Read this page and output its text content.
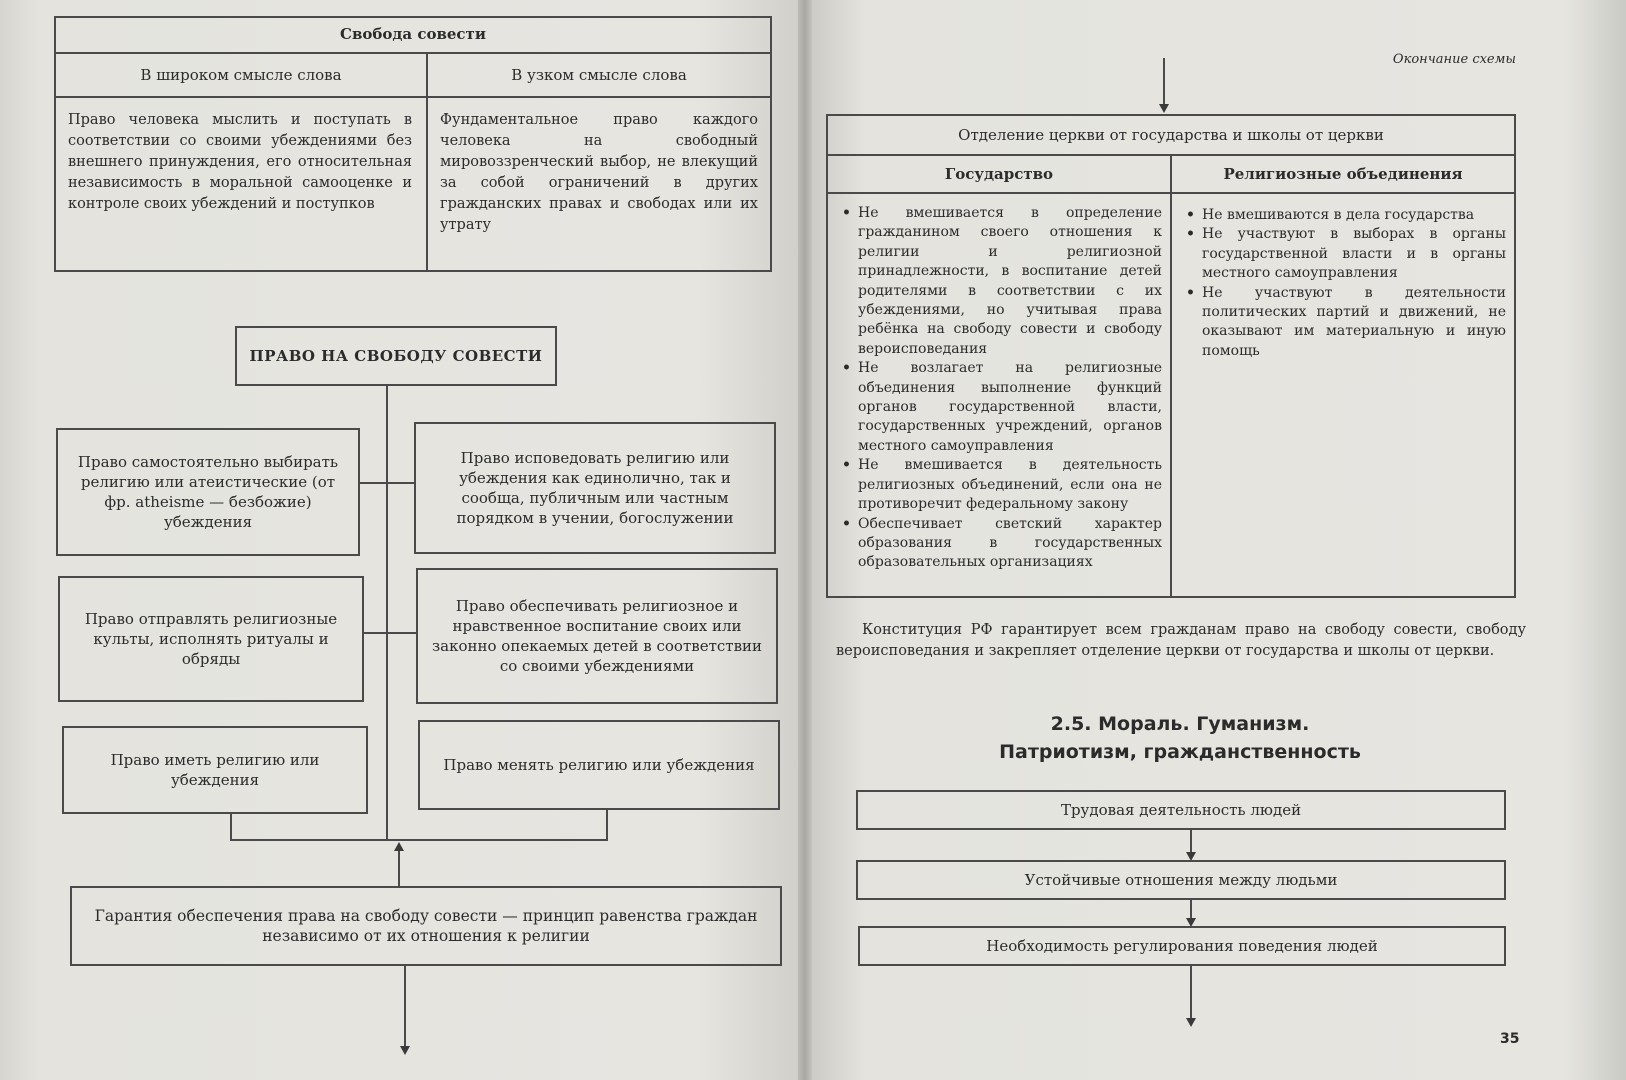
Свобода совести
В широком смысле слова	В узком смысле слова
Право человека мыслить и поступать в соответствии со своими убеждениями без внешнего принуждения, его относительная независимость в моральной самооценке и контроле своих убеждений и поступков
Фундаментальное право каждого человека на свободный мировоззренческий выбор, не влекущий за собой ограничений в других гражданских правах и свободах или их утрату
ПРАВО НА СВОБОДУ СОВЕСТИ
Право самостоятельно выбирать религию или атеистические (от фр. atheisme — безбожие) убеждения
Право исповедовать религию или убеждения как единолично, так и сообща, публичным или частным порядком в учении, богослужении
Право отправлять религиозные культы, исполнять ритуалы и обряды
Право обеспечивать религиозное и нравственное воспитание своих или законно опекаемых детей в соответствии со своими убеждениями
Право иметь религию или убеждения
Право менять религию или убеждения
Гарантия обеспечения права на свободу совести — принцип равенства граждан независимо от их отношения к религии
Окончание схемы
Отделение церкви от государства и школы от церкви
Государство	Религиозные объединения
• Не вмешивается в определение гражданином своего отношения к религии и религиозной принадлежности, в воспитание детей родителями в соответствии с их убеждениями, но учитывая права ребёнка на свободу совести и свободу вероисповедания
• Не возлагает на религиозные объединения выполнение функций органов государственной власти, государственных учреждений, органов местного самоуправления
• Не вмешивается в деятельность религиозных объединений, если она не противоречит федеральному закону
• Обеспечивает светский характер образования в государственных образовательных организациях
• Не вмешиваются в дела государства
• Не участвуют в выборах в органы государственной власти и в органы местного самоуправления
• Не участвуют в деятельности политических партий и движений, не оказывают им материальную и иную помощь
Конституция РФ гарантирует всем гражданам право на свободу совести, свободу вероисповедания и закрепляет отделение церкви от государства и школы от церкви.
2.5. Мораль. Гуманизм.
Патриотизм, гражданственность
Трудовая деятельность людей
Устойчивые отношения между людьми
Необходимость регулирования поведения людей
35
